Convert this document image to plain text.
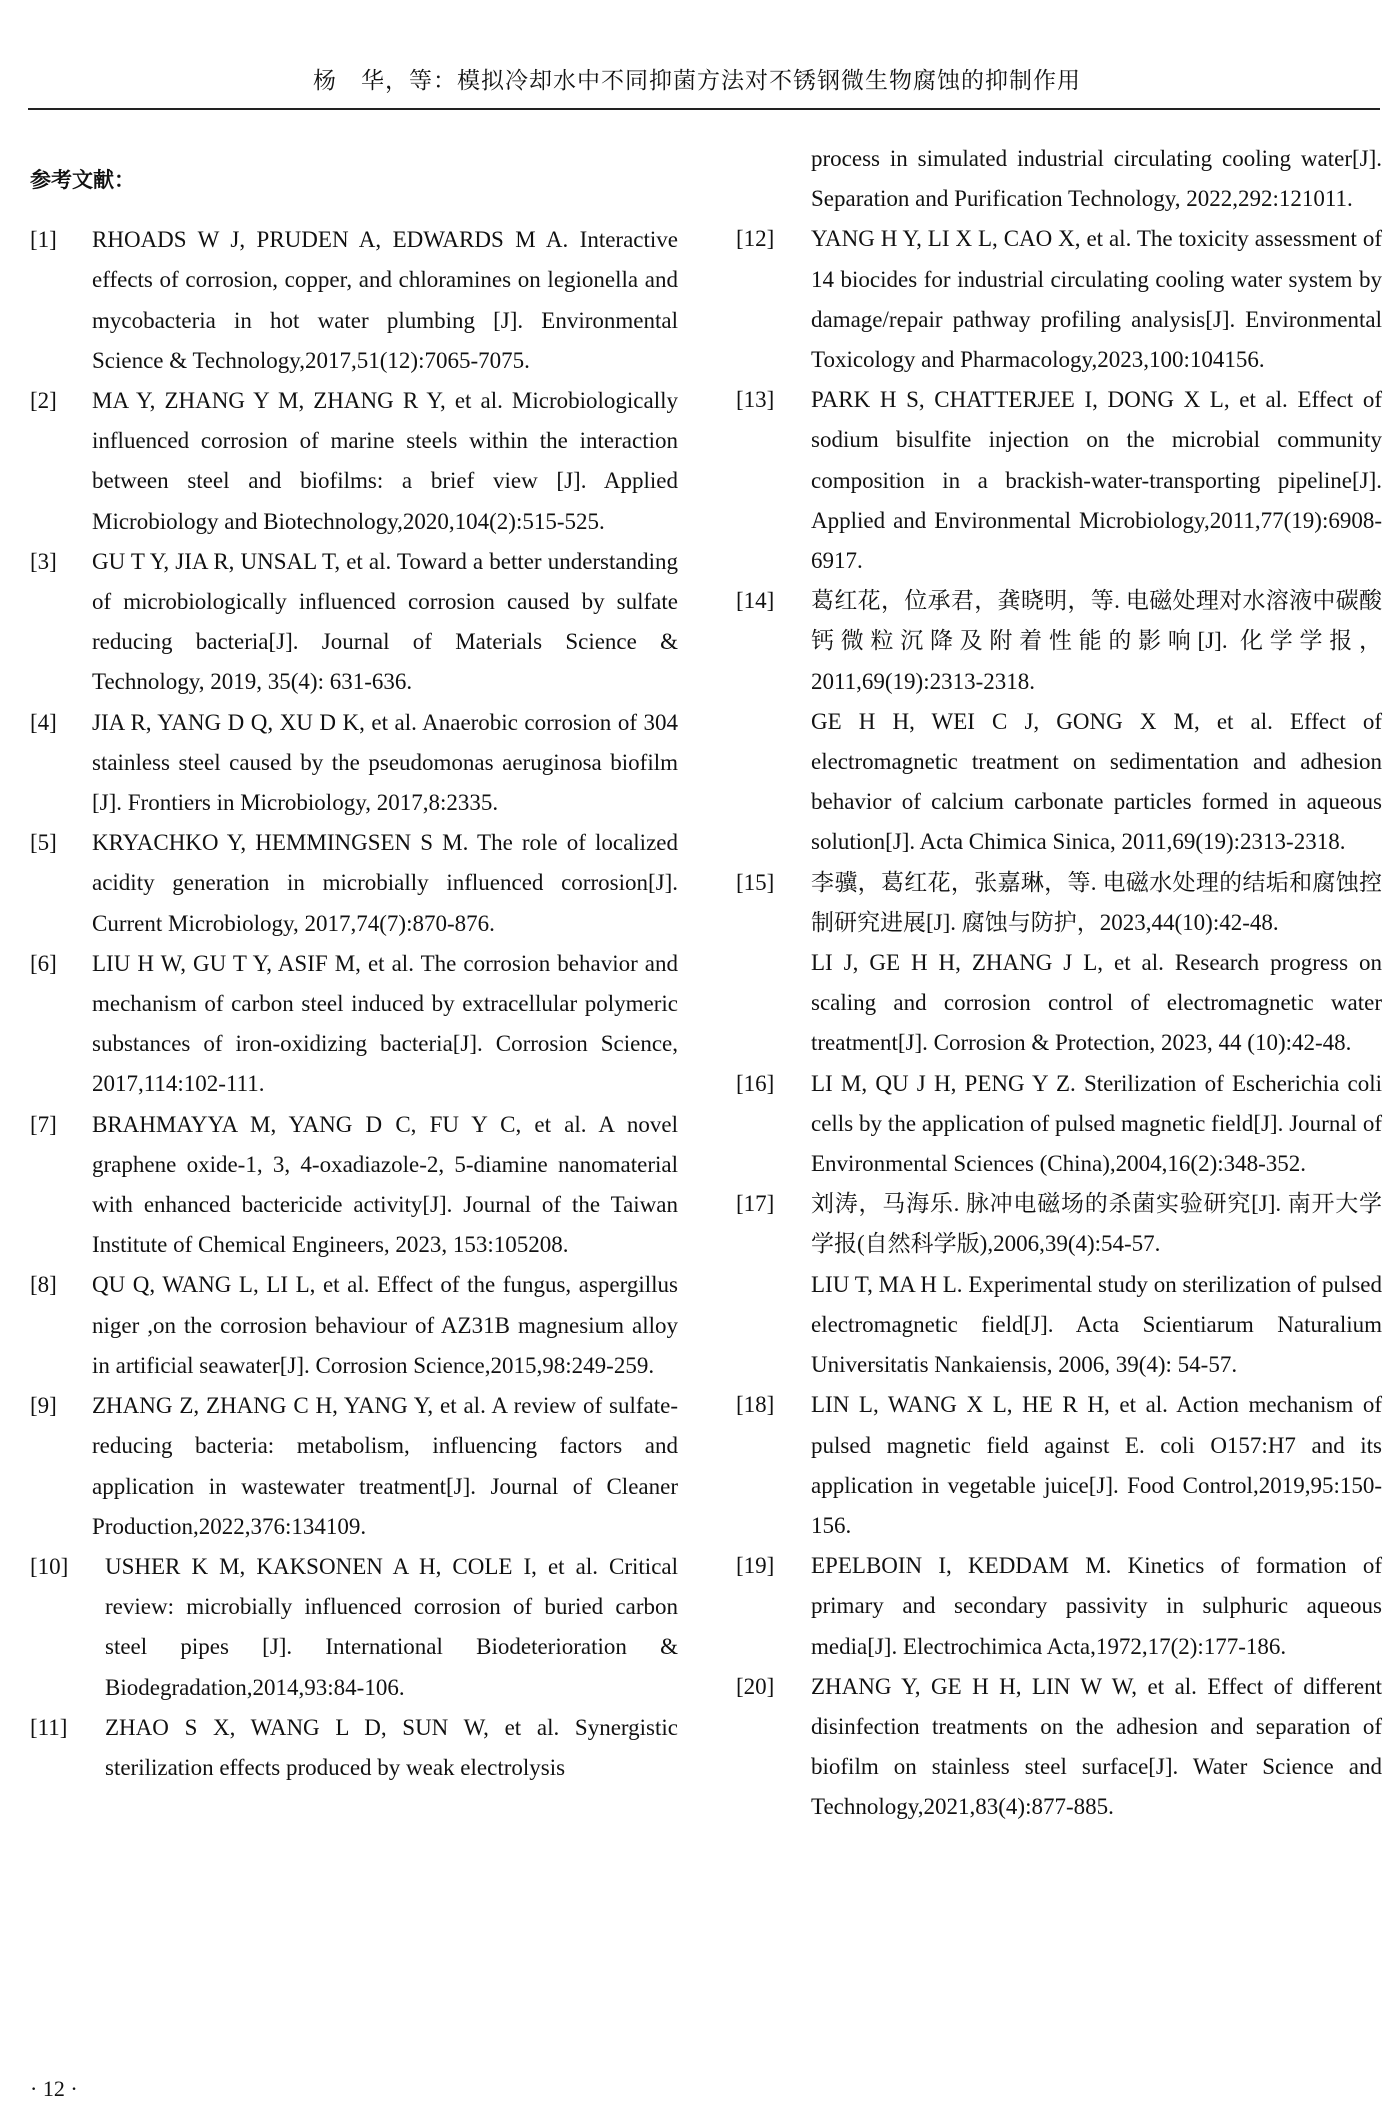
杨　华，等：模拟冷却水中不同抑菌方法对不锈钢微生物腐蚀的抑制作用
参考文献：
[1] RHOADS W J, PRUDEN A, EDWARDS M A. Interactive effects of corrosion, copper, and chloramines on legionella and mycobacteria in hot water plumbing [J]. Environmental Science & Technology,2017,51(12):7065-7075.

[2] MA Y, ZHANG Y M, ZHANG R Y, et al. Microbiologically influenced corrosion of marine steels within the interaction between steel and biofilms: a brief view [J]. Applied Microbiology and Biotechnology,2020,104(2):515-525.

[3] GU T Y, JIA R, UNSAL T, et al. Toward a better understanding of microbiologically influenced corrosion caused by sulfate reducing bacteria[J]. Journal of Materials Science & Technology, 2019, 35(4): 631-636.

[4] JIA R, YANG D Q, XU D K, et al. Anaerobic corrosion of 304 stainless steel caused by the pseudomonas aeruginosa biofilm [J]. Frontiers in Microbiology, 2017,8:2335.

[5] KRYACHKO Y, HEMMINGSEN S M. The role of localized acidity generation in microbially influenced corrosion[J]. Current Microbiology, 2017,74(7):870-876.

[6] LIU H W, GU T Y, ASIF M, et al. The corrosion behavior and mechanism of carbon steel induced by extracellular polymeric substances of iron-oxidizing bacteria[J]. Corrosion Science, 2017,114:102-111.

[7] BRAHMAYYA M, YANG D C, FU Y C, et al. A novel graphene oxide-1, 3, 4-oxadiazole-2, 5-diamine nanomaterial with enhanced bactericide activity[J]. Journal of the Taiwan Institute of Chemical Engineers, 2023, 153:105208.

[8] QU Q, WANG L, LI L, et al. Effect of the fungus, aspergillus niger ,on the corrosion behaviour of AZ31B magnesium alloy in artificial seawater[J]. Corrosion Science,2015,98:249-259.

[9] ZHANG Z, ZHANG C H, YANG Y, et al. A review of sulfate-reducing bacteria: metabolism, influencing factors and application in wastewater treatment[J]. Journal of Cleaner Production,2022,376:134109.

[10] USHER K M, KAKSONEN A H, COLE I, et al. Critical review: microbially influenced corrosion of buried carbon steel pipes [J]. International Biodeterioration & Biodegradation,2014,93:84-106.

[11] ZHAO S X, WANG L D, SUN W, et al. Synergistic sterilization effects produced by weak electrolysis

process in simulated industrial circulating cooling water[J]. Separation and Purification Technology, 2022,292:121011.
[12] YANG H Y, LI X L, CAO X, et al. The toxicity assessment of 14 biocides for industrial circulating cooling water system by damage/repair pathway profiling analysis[J]. Environmental Toxicology and Pharmacology,2023,100:104156.

[13] PARK H S, CHATTERJEE I, DONG X L, et al. Effect of sodium bisulfite injection on the microbial community composition in a brackish-water-transporting pipeline[J]. Applied and Environmental Microbiology,2011,77(19):6908-6917.

[14] 葛红花，位承君，龚晓明，等. 电磁处理对水溶液中碳酸钙微粒沉降及附着性能的影响[J]. 化学学报，2011,69(19):2313-2318.

GE H H, WEI C J, GONG X M, et al. Effect of electromagnetic treatment on sedimentation and adhesion behavior of calcium carbonate particles formed in aqueous solution[J]. Acta Chimica Sinica, 2011,69(19):2313-2318.

[15] 李骥，葛红花，张嘉琳，等. 电磁水处理的结垢和腐蚀控制研究进展[J]. 腐蚀与防护，2023,44(10):42-48.

LI J, GE H H, ZHANG J L, et al. Research progress on scaling and corrosion control of electromagnetic water treatment[J]. Corrosion & Protection, 2023, 44 (10):42-48.

[16] LI M, QU J H, PENG Y Z. Sterilization of Escherichia coli cells by the application of pulsed magnetic field[J]. Journal of Environmental Sciences (China),2004,16(2):348-352.

[17] 刘涛，马海乐. 脉冲电磁场的杀菌实验研究[J]. 南开大学学报(自然科学版),2006,39(4):54-57.

LIU T, MA H L. Experimental study on sterilization of pulsed electromagnetic field[J]. Acta Scientiarum Naturalium Universitatis Nankaiensis, 2006, 39(4): 54-57.

[18] LIN L, WANG X L, HE R H, et al. Action mechanism of pulsed magnetic field against E. coli O157:H7 and its application in vegetable juice[J]. Food Control,2019,95:150-156.

[19] EPELBOIN I, KEDDAM M. Kinetics of formation of primary and secondary passivity in sulphuric aqueous media[J]. Electrochimica Acta,1972,17(2):177-186.

[20] ZHANG Y, GE H H, LIN W W, et al. Effect of different disinfection treatments on the adhesion and separation of biofilm on stainless steel surface[J]. Water Science and Technology,2021,83(4):877-885.

· 12 ·
